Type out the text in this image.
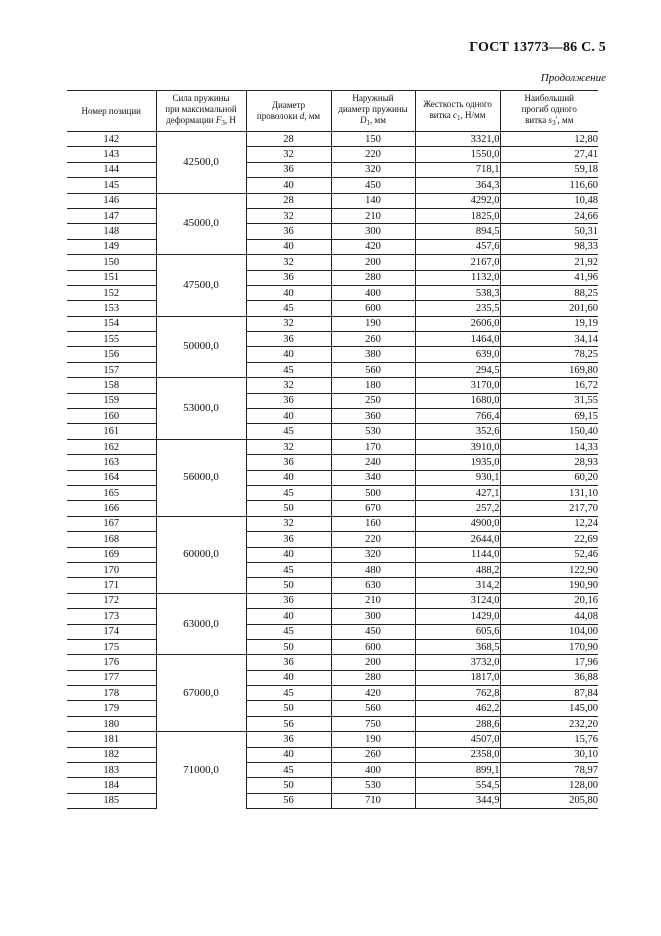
ГОСТ 13773—86 С. 5
Продолжение
Номер позиции	Сила пружины
при максимальной
деформации $F_3$, Н	Диаметр
проволоки d, мм	Наружный
диаметр пружины
$D_1$, мм	Жесткость одного
витка $c_1$, Н/мм	Наибольший
прогиб одного
витка $s_3'$, мм
142	42500,0	28	150	3321,0	12,80
143		32	220	1550,0	27,41
144		36	320	718,1	59,18
145		40	450	364,3	116,60
146	45000,0	28	140	4292,0	10,48
147		32	210	1825,0	24,66
148		36	300	894,5	50,31
149		40	420	457,6	98,33
150	47500,0	32	200	2167,0	21,92
151		36	280	1132,0	41,96
152		40	400	538,3	88,25
153		45	600	235,5	201,60
154	50000,0	32	190	2606,0	19,19
155		36	260	1464,0	34,14
156		40	380	639,0	78,25
157		45	560	294,5	169,80
158	53000,0	32	180	3170,0	16,72
159		36	250	1680,0	31,55
160		40	360	766,4	69,15
161		45	530	352,6	150,40
162	56000,0	32	170	3910,0	14,33
163		36	240	1935,0	28,93
164		40	340	930,1	60,20
165		45	500	427,1	131,10
166		50	670	257,2	217,70
167	60000,0	32	160	4900,0	12,24
168		36	220	2644,0	22,69
169		40	320	1144,0	52,46
170		45	480	488,2	122,90
171		50	630	314,2	190,90
172	63000,0	36	210	3124,0	20,16
173		40	300	1429,0	44,08
174		45	450	605,6	104,00
175		50	600	368,5	170,90
176	67000,0	36	200	3732,0	17,96
177		40	280	1817,0	36,88
178		45	420	762,8	87,84
179		50	560	462,2	145,00
180		56	750	288,6	232,20
181	71000,0	36	190	4507,0	15,76
182		40	260	2358,0	30,10
183		45	400	899,1	78,97
184		50	530	554,5	128,00
185		56	710	344,9	205,80
